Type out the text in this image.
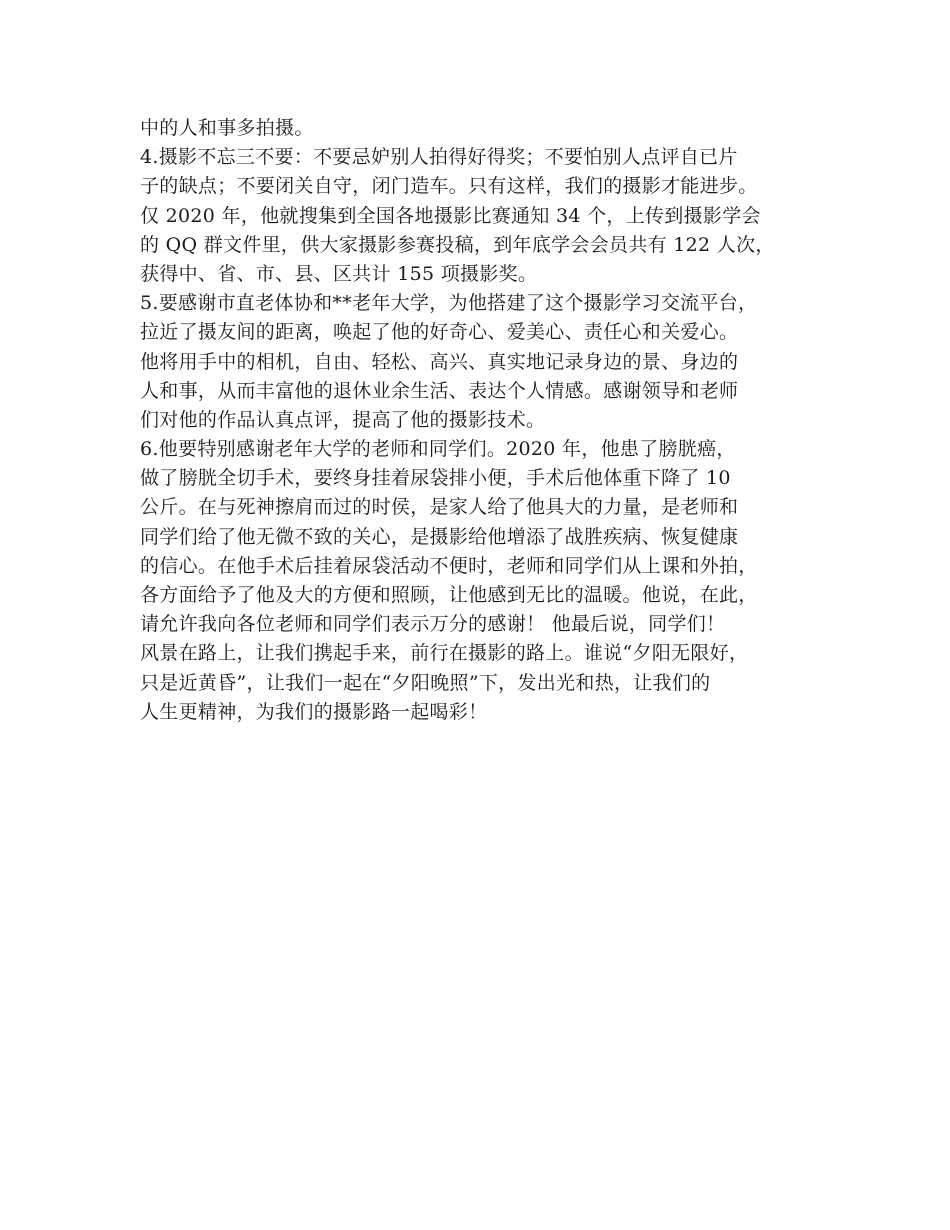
中的人和事多拍摄。
4.摄影不忘三不要：不要忌妒别人拍得好得奖；不要怕别人点评自已片
子的缺点；不要闭关自守，闭门造车。只有这样，我们的摄影才能进步。
仅 2020 年，他就搜集到全国各地摄影比赛通知 34 个，上传到摄影学会
的 QQ 群文件里，供大家摄影参赛投稿，到年底学会会员共有 122 人次，
获得中、省、市、县、区共计 155 项摄影奖。
5.要感谢市直老体协和**老年大学，为他搭建了这个摄影学习交流平台，
拉近了摄友间的距离，唤起了他的好奇心、爱美心、责任心和关爱心。
他将用手中的相机，自由、轻松、高兴、真实地记录身边的景、身边的
人和事，从而丰富他的退休业余生活、表达个人情感。感谢领导和老师
们对他的作品认真点评，提高了他的摄影技术。
6.他要特别感谢老年大学的老师和同学们。2020 年，他患了膀胱癌，
做了膀胱全切手术，要终身挂着尿袋排小便，手术后他体重下降了 10
公斤。在与死神擦肩而过的时侯，是家人给了他具大的力量，是老师和
同学们给了他无微不致的关心，是摄影给他增添了战胜疾病、恢复健康
的信心。在他手术后挂着尿袋活动不便时，老师和同学们从上课和外拍，
各方面给予了他及大的方便和照顾，让他感到无比的温暖。他说，在此，
请允许我向各位老师和同学们表示万分的感谢！ 他最后说，同学们！
风景在路上，让我们携起手来，前行在摄影的路上。谁说“夕阳无限好，
只是近黄昏”，让我们一起在“夕阳晚照”下，发出光和热，让我们的
人生更精神，为我们的摄影路一起喝彩！
